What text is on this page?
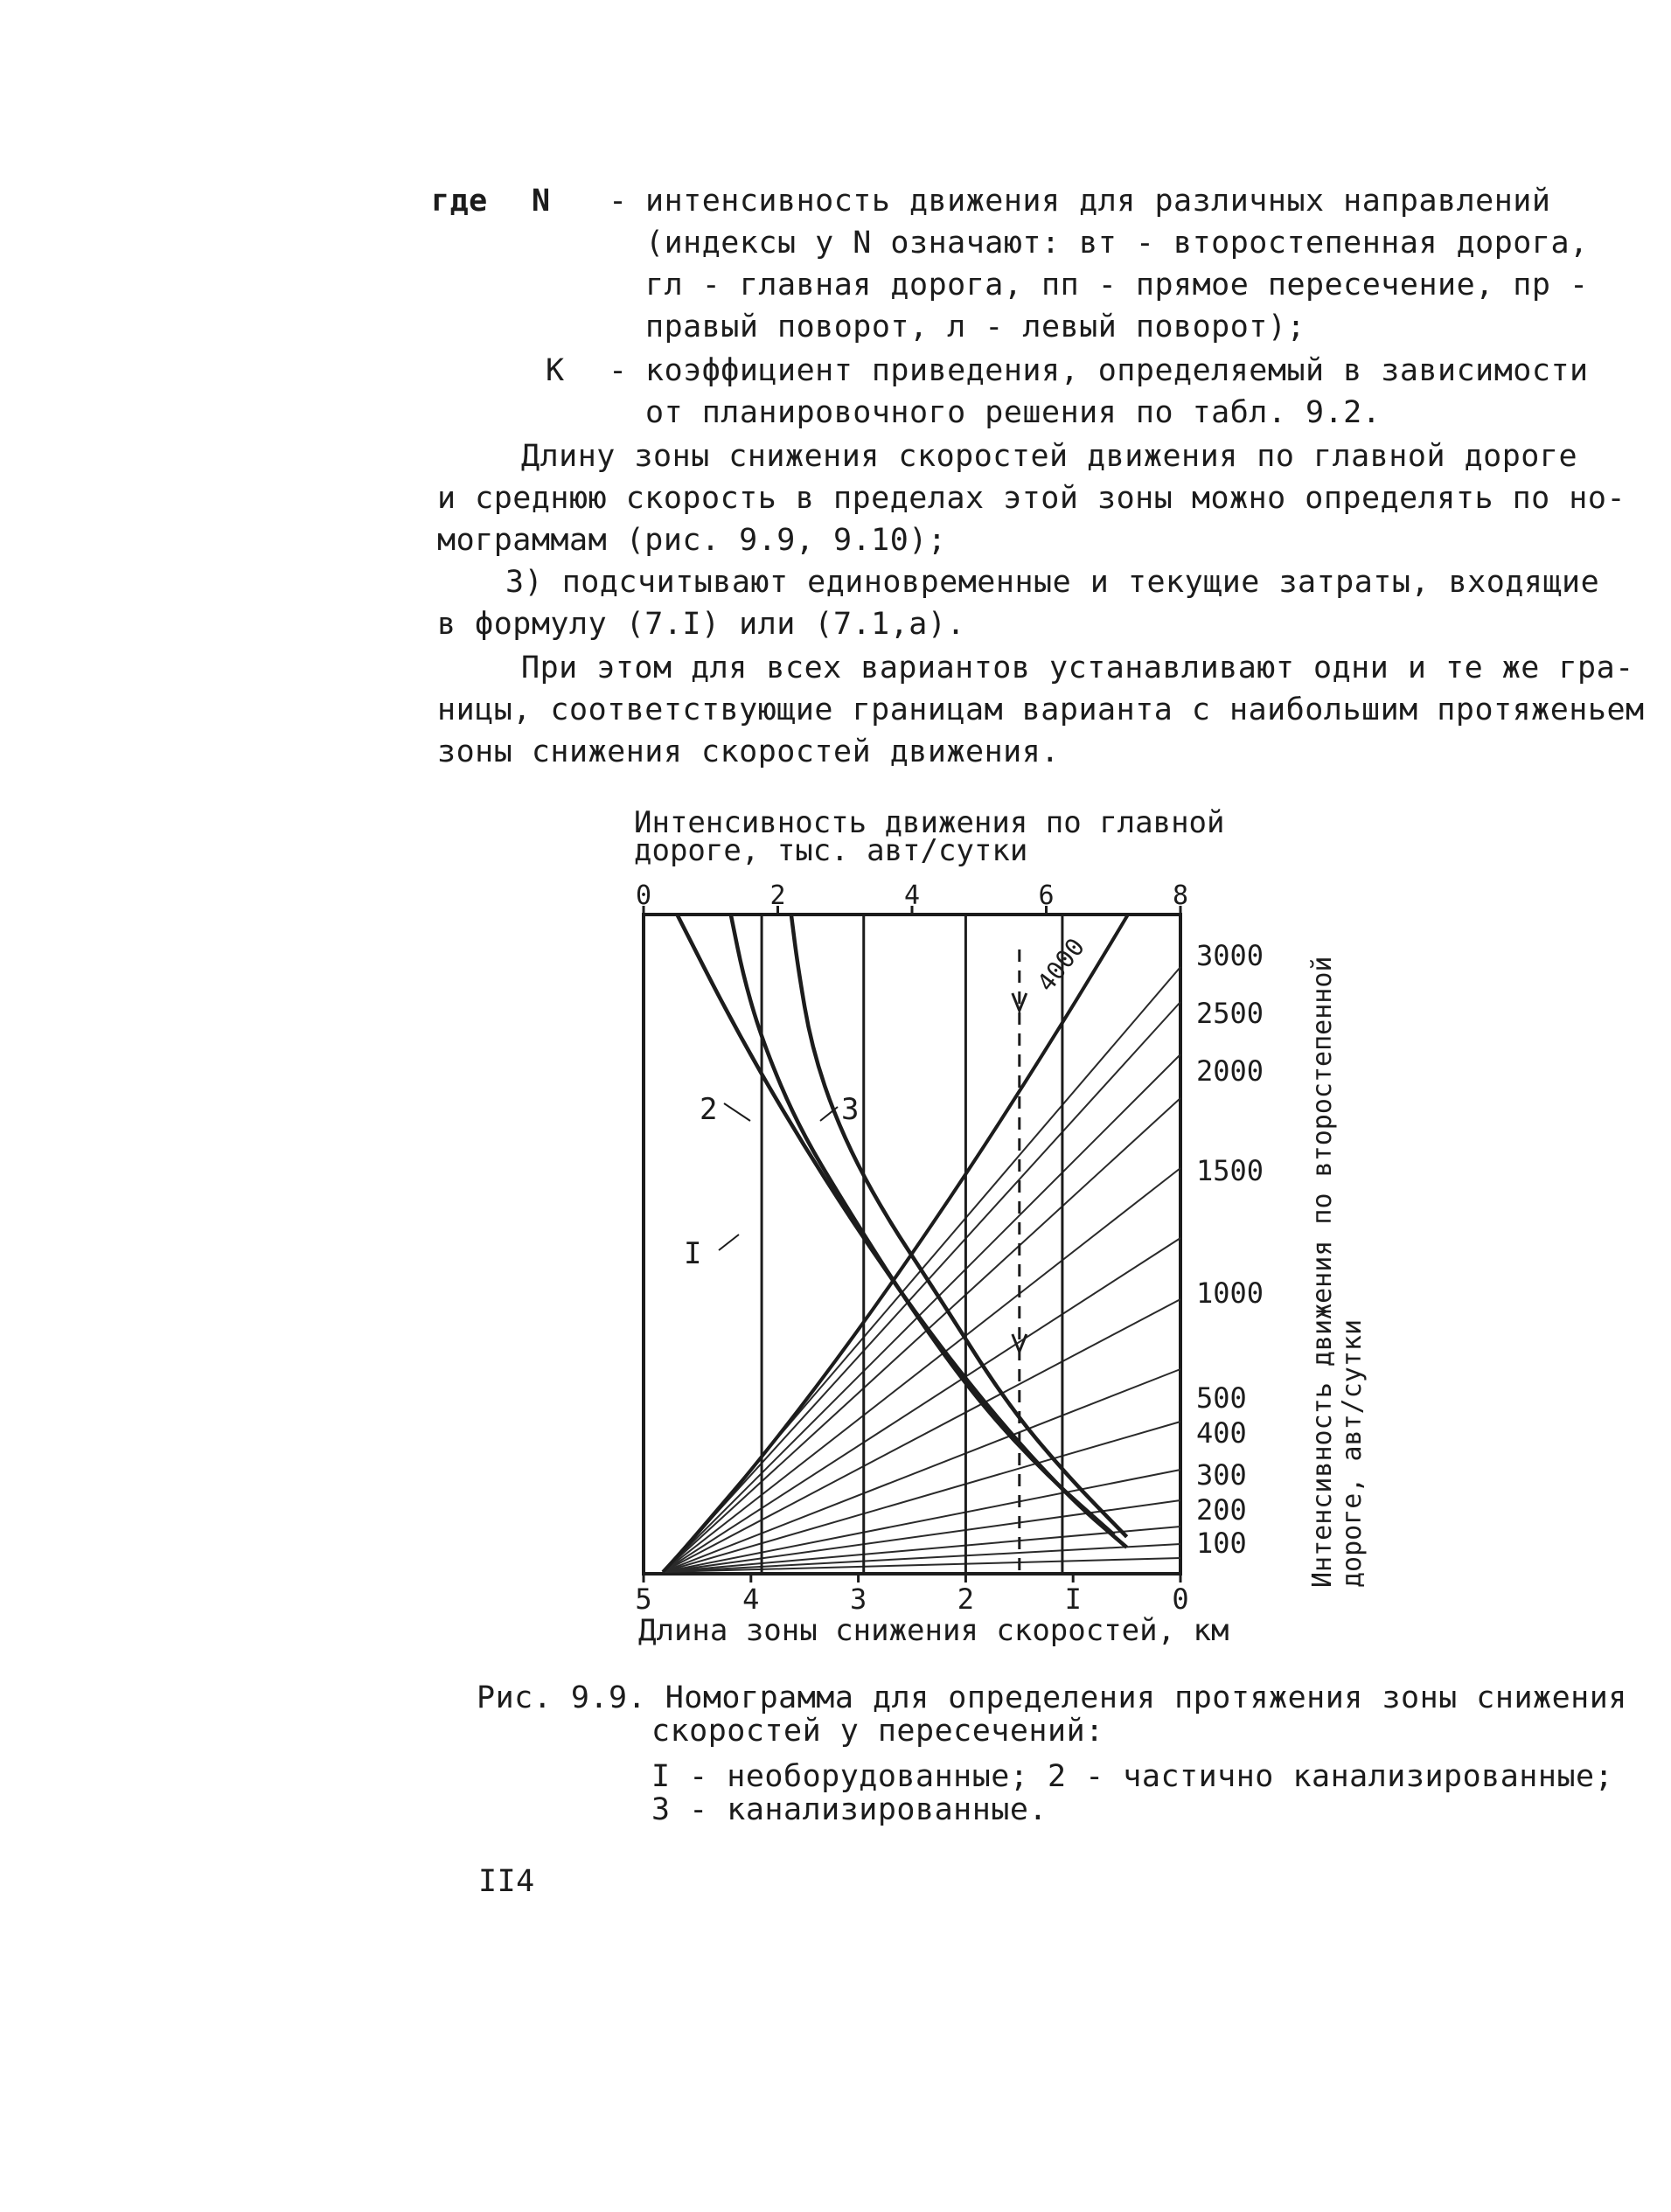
где N - интенсивность движения для различных направлений
(индексы у N означают: вт - второстепенная дорога,
гл - главная дорога, пп - прямое пересечение, пр -
правый поворот, л - левый поворот);
К - коэффициент приведения, определяемый в зависимости
от планировочного решения по табл. 9.2.
Длину зоны снижения скоростей движения по главной дороге
и среднюю скорость в пределах этой зоны можно определять по но-
мограммам (рис. 9.9, 9.10);
3) подсчитывают единовременные и текущие затраты, входящие
в формулу (7.I) или (7.1,а).
При этом для всех вариантов устанавливают одни и те же гра-
ницы, соответствующие границам варианта с наибольшим протяженьем
зоны снижения скоростей движения.
0	2	4	6	8
5	4	3	2	I	0
3000
2500
2000
1500
1000
500
400
300
200
100
4000
I
2	3
Интенсивность движения по главной
дороге, тыс. авт/сутки
Длина зоны снижения скоростей, км
Интенсивность движения по второстепенной дороге, авт/сутки
Рис. 9.9. Номограмма для определения протяжения зоны снижения
скоростей у пересечений:
I - необорудованные; 2 - частично канализированные;
3 - канализированные.
II4
